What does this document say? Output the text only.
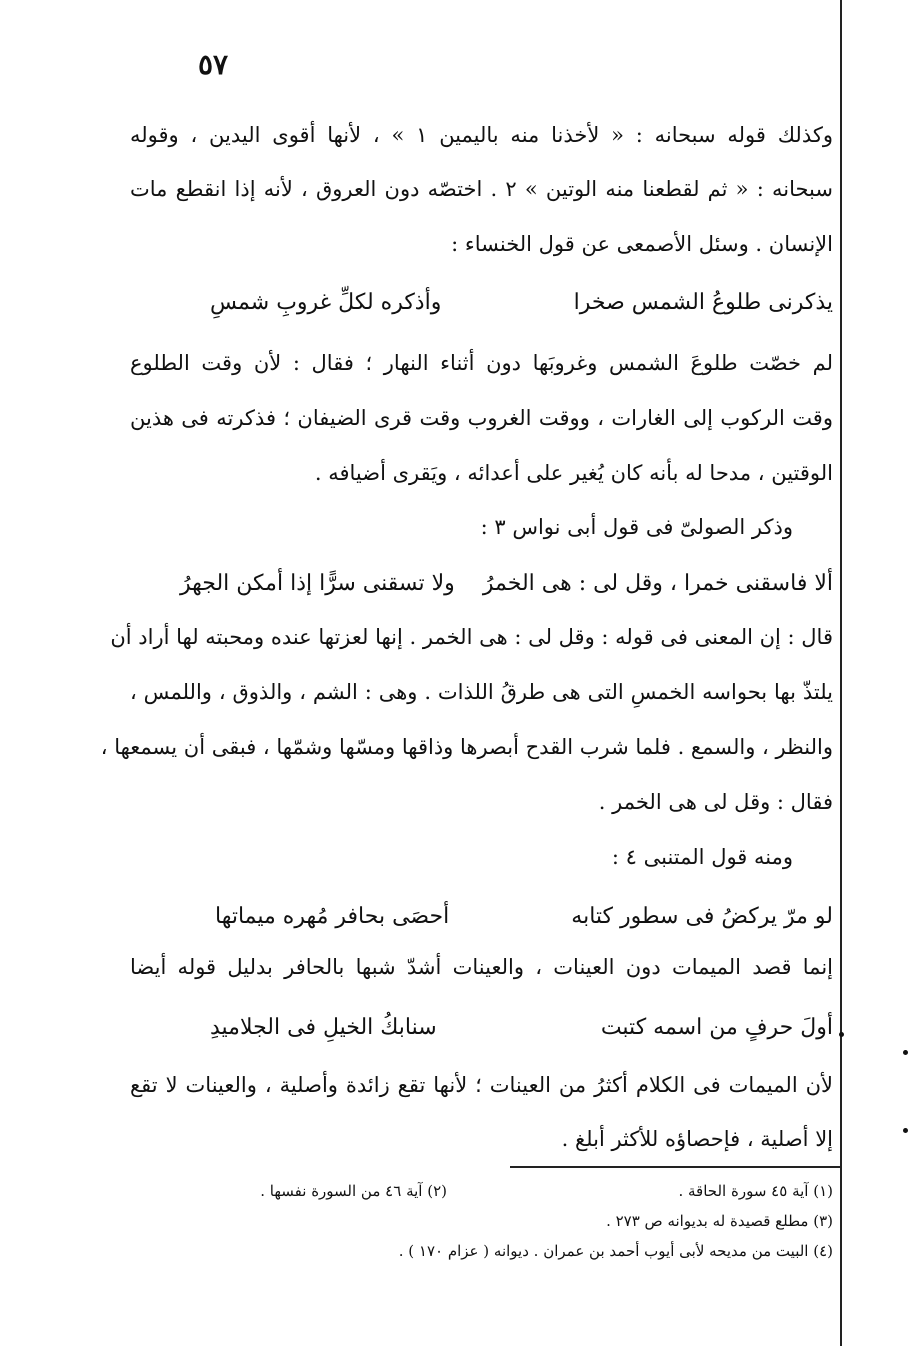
٥٧
وكذلك قوله سبحانه : « لأخذنا منه باليمين ١ » ، لأنها أقوى اليدين ، وقوله
سبحانه : « ثم لقطعنا منه الوتين » ٢ . اختصّه دون العروق ، لأنه إذا انقطع مات
الإنسان . وسئل الأصمعى عن قول الخنساء :
يذكرنى طلوعُ الشمس صخرا
وأذكره لكلِّ غروبِ شمسِ
لم خصّت طلوعَ الشمس وغروبَها دون أثناء النهار ؛ فقال : لأن وقت الطلوع
وقت الركوب إلى الغارات ، ووقت الغروب وقت قرى الضيفان ؛ فذكرته فى هذين
الوقتين ، مدحا له بأنه كان يُغير على أعدائه ، ويَقرى أضيافه .
وذكر الصولىّ فى قول أبى نواس ٣ :
ألا فاسقنى خمرا ، وقل لى : هى الخمرُ
ولا تسقنى سرًّا إذا أمكن الجهرُ
قال : إن المعنى فى قوله : وقل لى : هى الخمر . إنها لعزتها عنده ومحبته لها أراد أن
يلتذّ بها بحواسه الخمسِ التى هى طرقُ اللذات . وهى : الشم ، والذوق ، واللمس ،
والنظر ، والسمع . فلما شرب القدح أبصرها وذاقها ومسّها وشمّها ، فبقى أن يسمعها ،
فقال : وقل لى هى الخمر .
ومنه قول المتنبى ٤ :
لو مرّ يركضُ فى سطور كتابه
أحصَى بحافر مُهره ميماتها
إنما قصد الميمات دون العينات ، والعينات أشدّ شبها بالحافر بدليل قوله أيضا
أولَ حرفٍ من اسمه كتبت
سنابكُ الخيلِ فى الجلاميدِ
لأن الميمات فى الكلام أكثرُ من العينات ؛ لأنها تقع زائدة وأصلية ، والعينات لا تقع
إلا أصلية ، فإحصاؤه للأكثر أبلغ .
(١) آية ٤٥ سورة الحاقة .
(٢) آية ٤٦ من السورة نفسها .
(٣) مطلع قصيدة له بديوانه ص ٢٧٣ .
(٤) البيت من مديحه لأبى أيوب أحمد بن عمران . ديوانه ( عزام ١٧٠ ) .
